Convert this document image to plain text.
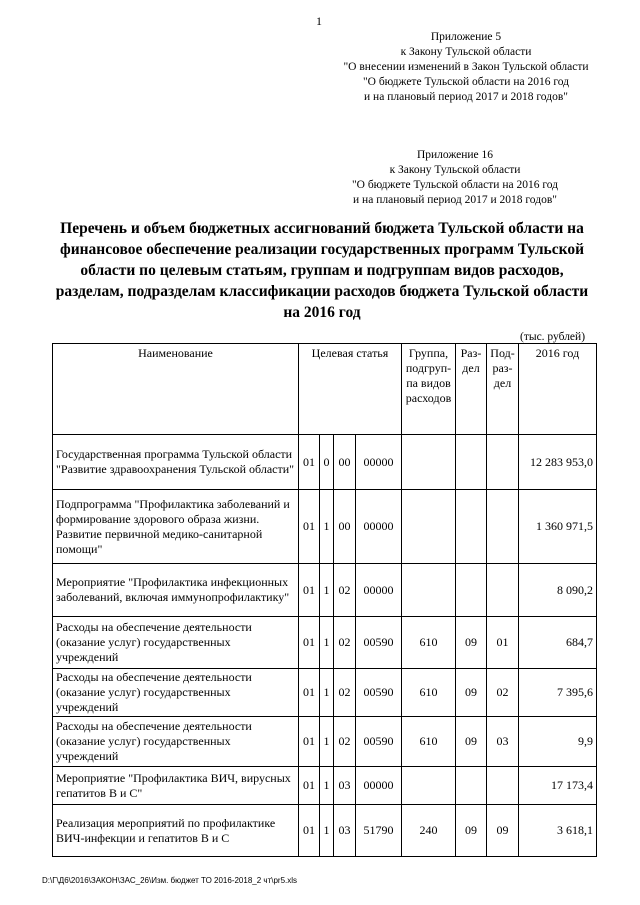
1
Приложение 5
к Закону Тульской области
"О внесении изменений в Закон Тульской области
"О бюджете Тульской области на 2016 год
и на плановый период 2017 и 2018 годов"
Приложение 16
к Закону Тульской области
"О бюджете Тульской области на 2016 год
и на плановый период 2017 и 2018 годов"
Перечень и объем бюджетных ассигнований бюджета Тульской области на финансовое обеспечение реализации государственных программ Тульской области по целевым статьям, группам и подгруппам видов расходов, разделам, подразделам классификации расходов бюджета Тульской области на 2016 год
(тыс. рублей)
Наименование	Целевая статья				Группа, подгруп- па видов расходов	Раз- дел	Под- раз- дел	2016 год
Государственная программа Тульской области "Развитие здравоохранения Тульской области"	01	0	00	00000				12 283 953,0
Подпрограмма "Профилактика заболеваний и формирование здорового образа жизни. Развитие первичной медико-санитарной помощи"	01	1	00	00000				1 360 971,5
Мероприятие "Профилактика инфекционных заболеваний, включая иммунопрофилактику"	01	1	02	00000				8 090,2
Расходы на обеспечение деятельности (оказание услуг) государственных учреждений	01	1	02	00590	610	09	01	684,7
Расходы на обеспечение деятельности (оказание услуг) государственных учреждений	01	1	02	00590	610	09	02	7 395,6
Расходы на обеспечение деятельности (оказание услуг) государственных учреждений	01	1	02	00590	610	09	03	9,9
Мероприятие "Профилактика ВИЧ, вирусных гепатитов В и С"	01	1	03	00000				17 173,4
Реализация мероприятий по профилактике ВИЧ-инфекции и гепатитов В и С	01	1	03	51790	240	09	09	3 618,1
D:\Г\Д6\2016\ЗАКОН\ЗАС_26\Изм. бюджет ТО 2016-2018_2 чт\pr5.xls
